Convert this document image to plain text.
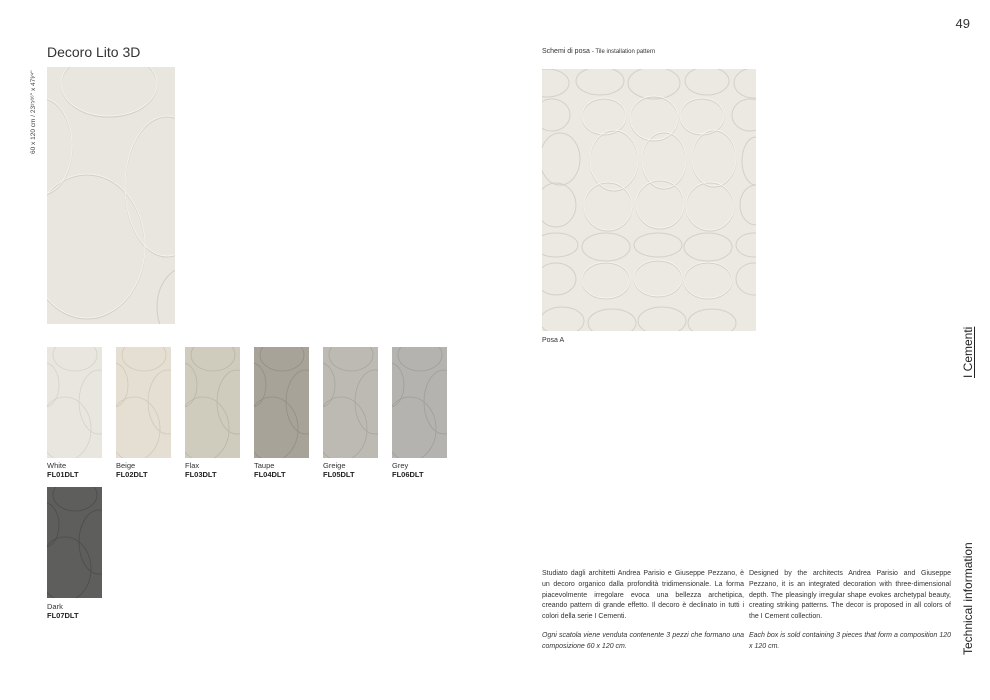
49
Decoro Lito 3D
60 x 120 cm / 23¹⁵⁄¹⁶" x 47³⁄⁴"
White
FL01DLT
Beige
FL02DLT
Flax
FL03DLT
Taupe
FL04DLT
Greige
FL05DLT
Grey
FL06DLT
Dark
FL07DLT
Schemi di posa - Tile installation pattern
Posa A	I Cementi
Technical information

Studiato dagli architetti Andrea Parisio e Giuseppe Pezzano, è un decoro organico dalla profondità tridimensionale. La forma piacevolmente irregolare evoca una bellezza archetipica, creando pattern di grande effetto. Il decoro è declinato in tutti i colori della serie I Cementi.

Ogni scatola viene venduta contenente 3 pezzi che formano una composizione 60 x 120 cm.

Designed by the architects Andrea Parisio and Giuseppe Pezzano, it is an integrated decoration with three-dimensional depth. The pleasingly irregular shape evokes archetypal beauty, creating striking patterns. The decor is proposed in all colors of the I Cement collection.

Each box is sold containing 3 pieces that form a composition 120 x 120 cm.
